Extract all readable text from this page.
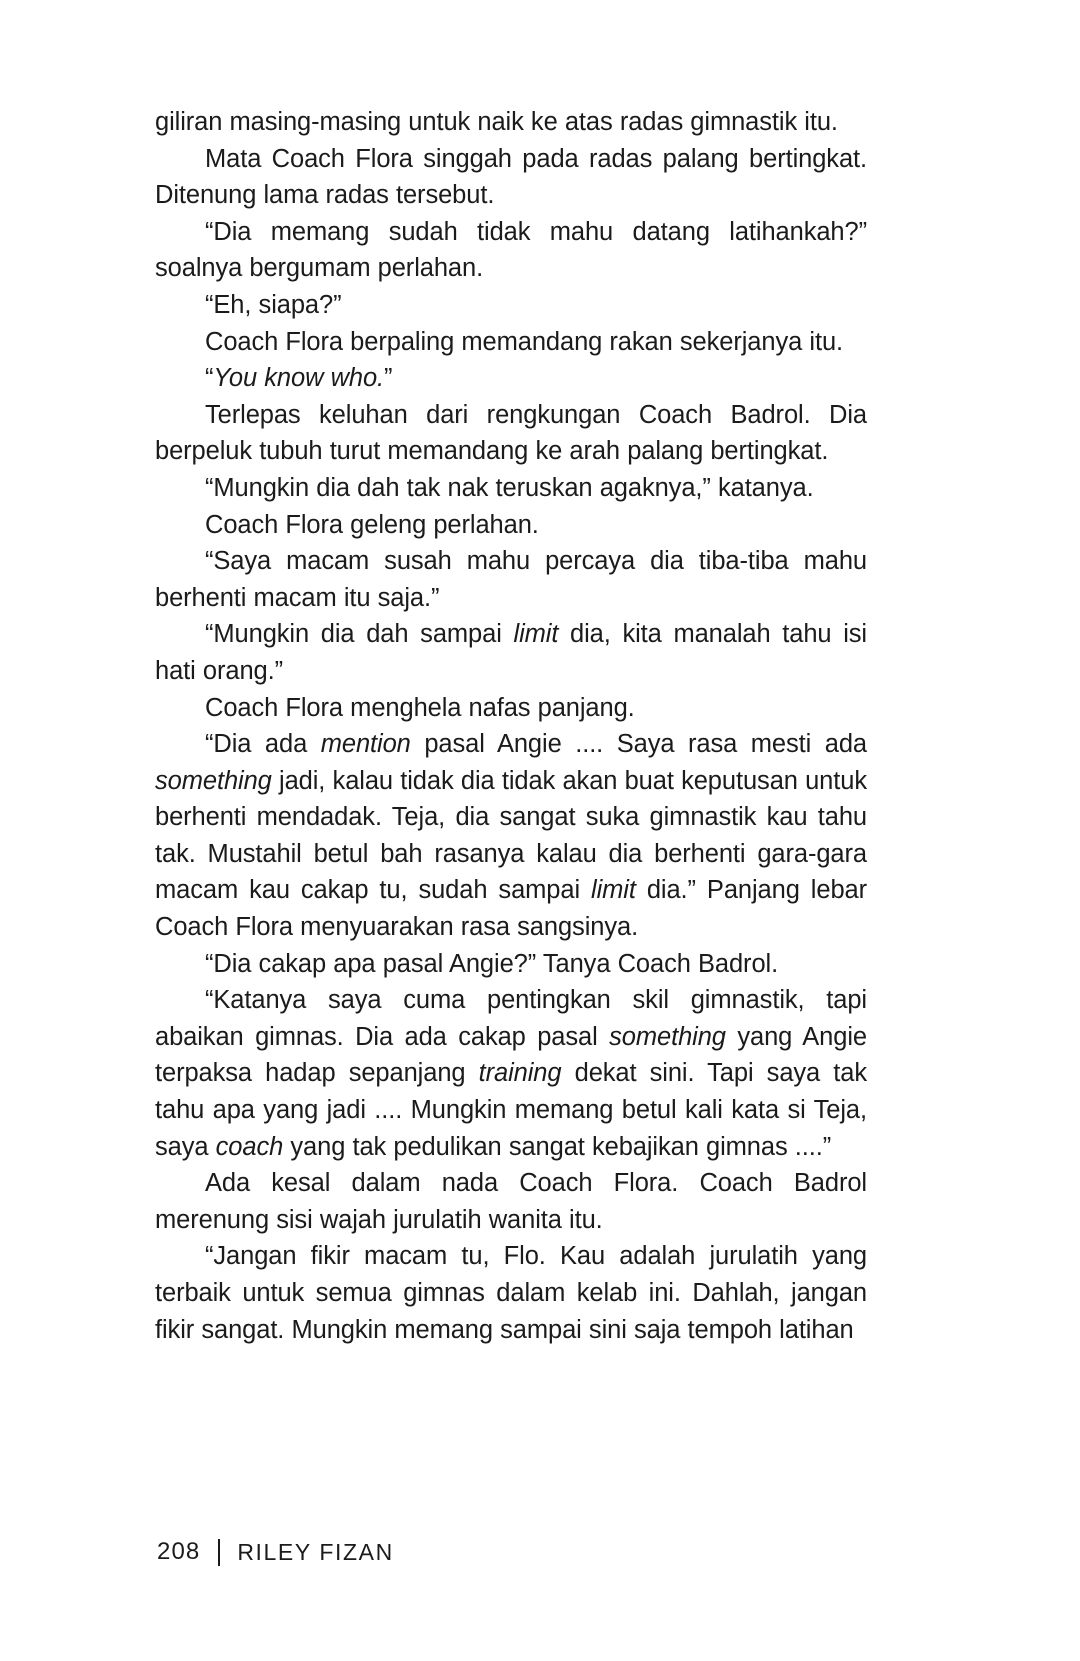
giliran masing-masing untuk naik ke atas radas gimnastik itu.

Mata Coach Flora singgah pada radas palang bertingkat. Ditenung lama radas tersebut.

“Dia memang sudah tidak mahu datang latihankah?” soalnya bergumam perlahan.

“Eh, siapa?”

Coach Flora berpaling memandang rakan sekerjanya itu.

“You know who.”

Terlepas keluhan dari rengkungan Coach Badrol. Dia berpeluk tubuh turut memandang ke arah palang bertingkat.

“Mungkin dia dah tak nak teruskan agaknya,” katanya.

Coach Flora geleng perlahan.

“Saya macam susah mahu percaya dia tiba-tiba mahu berhenti macam itu saja.”

“Mungkin dia dah sampai limit dia, kita manalah tahu isi hati orang.”

Coach Flora menghela nafas panjang.

“Dia ada mention pasal Angie .... Saya rasa mesti ada something jadi, kalau tidak dia tidak akan buat keputusan untuk berhenti mendadak. Teja, dia sangat suka gimnastik kau tahu tak. Mustahil betul bah rasanya kalau dia berhenti gara-gara macam kau cakap tu, sudah sampai limit dia.” Panjang lebar Coach Flora menyuarakan rasa sangsinya.

“Dia cakap apa pasal Angie?” Tanya Coach Badrol.

“Katanya saya cuma pentingkan skil gimnastik, tapi abaikan gimnas. Dia ada cakap pasal something yang Angie terpaksa hadap sepanjang training dekat sini. Tapi saya tak tahu apa yang jadi .... Mungkin memang betul kali kata si Teja, saya coach yang tak pedulikan sangat kebajikan gimnas ....”

Ada kesal dalam nada Coach Flora. Coach Badrol merenung sisi wajah jurulatih wanita itu.

“Jangan fikir macam tu, Flo. Kau adalah jurulatih yang terbaik untuk semua gimnas dalam kelab ini. Dahlah, jangan fikir sangat. Mungkin memang sampai sini saja tempoh latihan

208 RILEY FIZAN
